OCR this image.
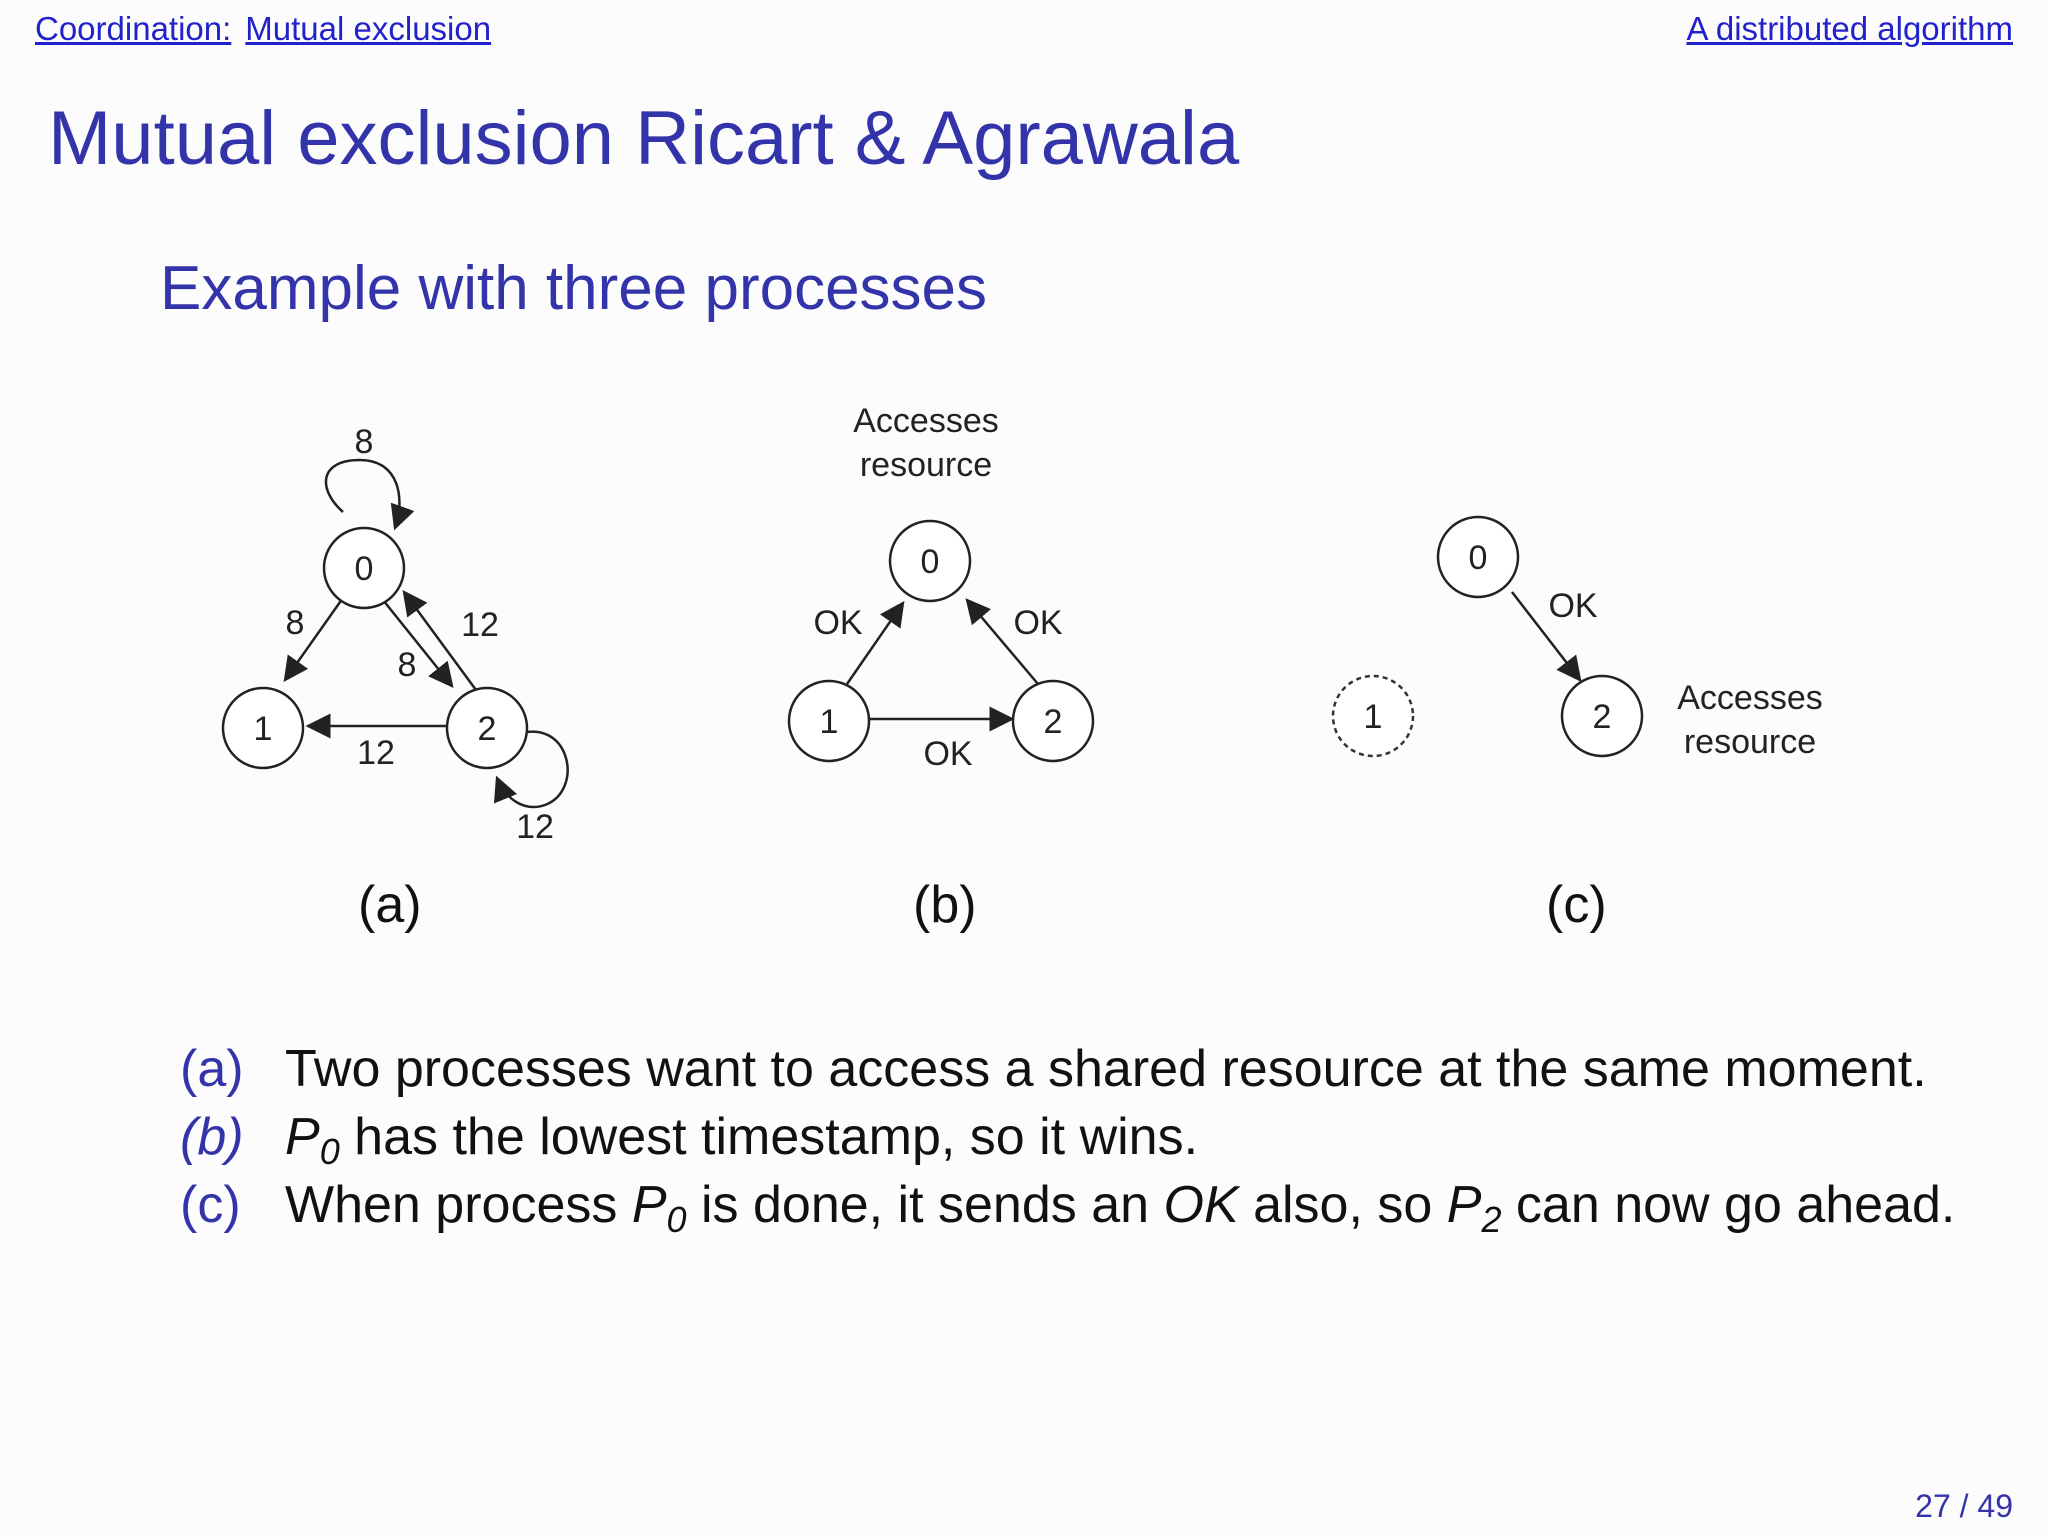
Coordination: Mutual exclusion	A distributed algorithm
Mutual exclusion Ricart & Agrawala
Example with three processes
8
8
8
12
12
12
0
1	2
Accesses
resource
OK	OK
OK
0
1	2
OK
1
0
2 Accesses
resource
(a)	(b)	(c)
(a) Two processes want to access a shared resource at the same moment.
(b) $P_0$ has the lowest timestamp, so it wins.
(c) When process $P_0$ is done, it sends an OK also, so $P_2$ can now go ahead.
27 / 49
